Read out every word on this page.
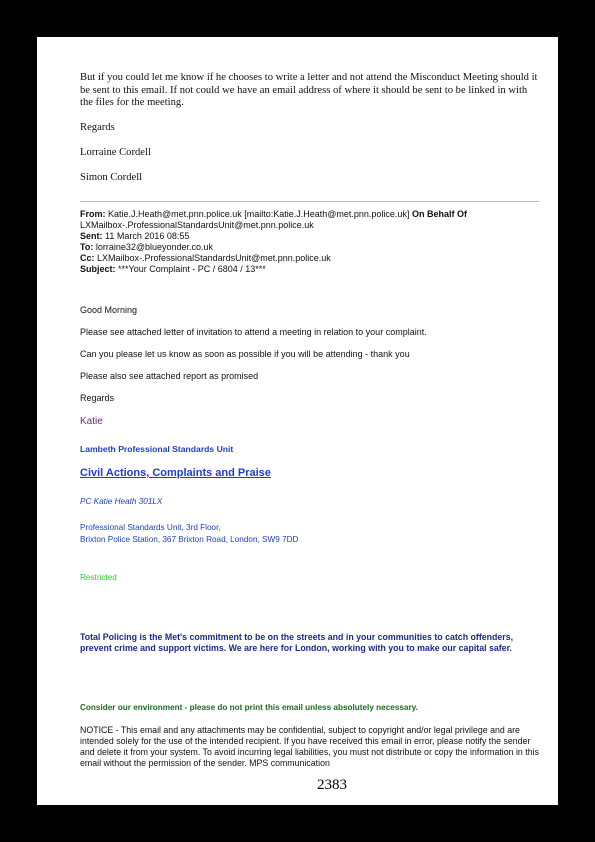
But if you could let me know if he chooses to write a letter and not attend the Misconduct Meeting should it be sent to this email. If not could we have an email address of where it should be sent to be linked in with the files for the meeting.
Regards
Lorraine Cordell
Simon Cordell
From: Katie.J.Heath@met.pnn.police.uk [mailto:Katie.J.Heath@met.pnn.police.uk] On Behalf Of
LXMailbox-.ProfessionalStandardsUnit@met.pnn.police.uk
Sent: 11 March 2016 08:55
To: lorraine32@blueyonder.co.uk
Cc: LXMailbox-.ProfessionalStandardsUnit@met.pnn.police.uk
Subject: ***Your Complaint - PC / 6804 / 13***
Good Morning
Please see attached letter of invitation to attend a meeting in relation to your complaint.
Can you please let us know as soon as possible if you will be attending - thank you
Please also see attached report as promised
Regards
Katie
Lambeth Professional Standards Unit
Civil Actions, Complaints and Praise
PC Katie Heath 301LX
Professional Standards Unit, 3rd Floor,
Brixton Police Station, 367 Brixton Road, London, SW9 7DD
Restricted
Total Policing is the Met's commitment to be on the streets and in your communities to catch offenders, prevent crime and support victims. We are here for London, working with you to make our capital safer.
Consider our environment - please do not print this email unless absolutely necessary.
NOTICE - This email and any attachments may be confidential, subject to copyright and/or legal privilege and are intended solely for the use of the intended recipient. If you have received this email in error, please notify the sender and delete it from your system. To avoid incurring legal liabilities, you must not distribute or copy the information in this email without the permission of the sender. MPS communication
2383
